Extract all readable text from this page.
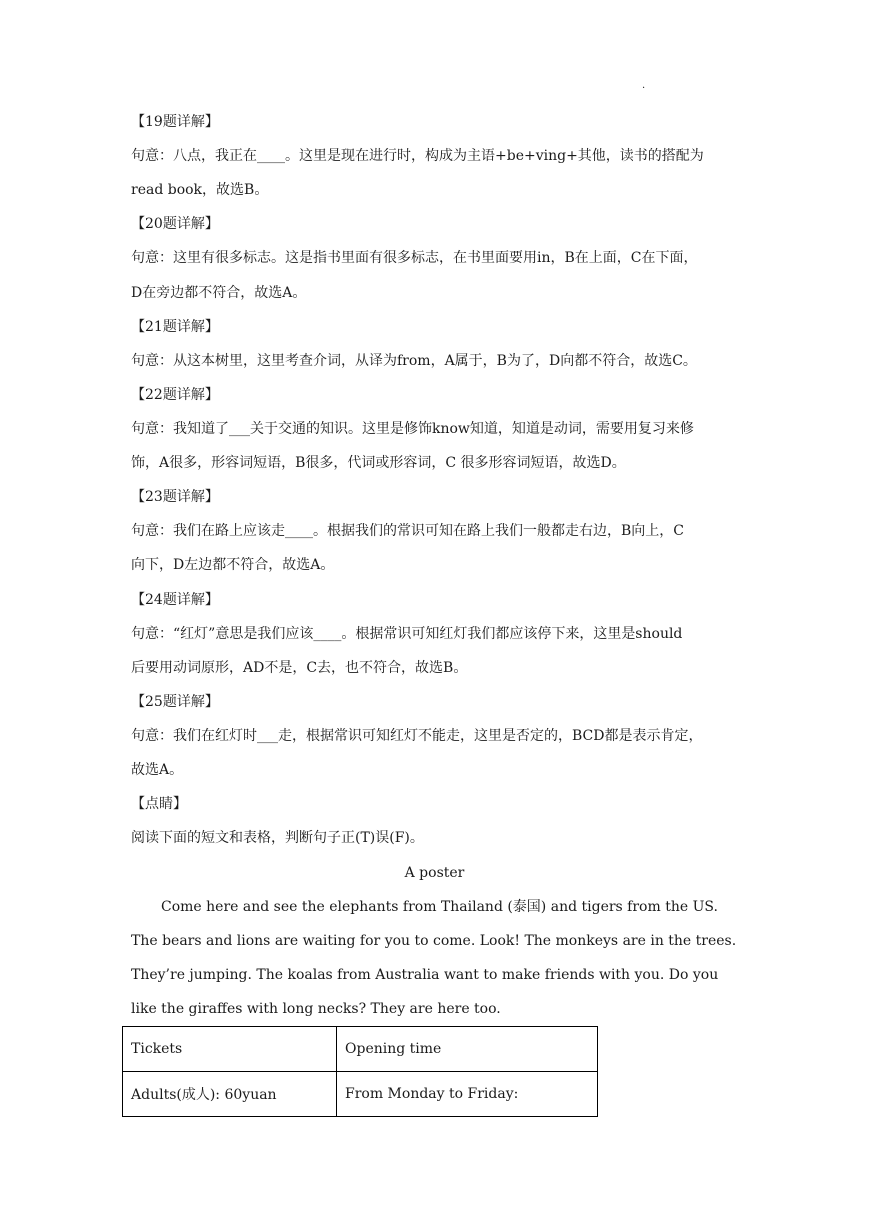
.
【19题详解】
句意：八点，我正在____。这里是现在进行时，构成为主语+be+ving+其他，读书的搭配为
read book，故选B。
【20题详解】
句意：这里有很多标志。这是指书里面有很多标志，在书里面要用in，B在上面，C在下面，
D在旁边都不符合，故选A。
【21题详解】
句意：从这本树里，这里考查介词，从译为from，A属于，B为了，D向都不符合，故选C。
【22题详解】
句意：我知道了___关于交通的知识。这里是修饰know知道，知道是动词，需要用复习来修
饰，A很多，形容词短语，B很多，代词或形容词，C 很多形容词短语，故选D。
【23题详解】
句意：我们在路上应该走____。根据我们的常识可知在路上我们一般都走右边，B向上，C
向下，D左边都不符合，故选A。
【24题详解】
句意：“红灯”意思是我们应该____。根据常识可知红灯我们都应该停下来，这里是should
后要用动词原形，AD不是，C去，也不符合，故选B。
【25题详解】
句意：我们在红灯时___走，根据常识可知红灯不能走，这里是否定的，BCD都是表示肯定，
故选A。
【点睛】
阅读下面的短文和表格，判断句子正(T)误(F)。
A poster
Come here and see the elephants from Thailand (泰国) and tigers from the US.
The bears and lions are waiting for you to come. Look! The monkeys are in the trees.
They’re jumping. The koalas from Australia want to make friends with you. Do you
like the giraffes with long necks? They are here too.
Tickets	Opening time
Adults(成人): 60yuan	From Monday to Friday:
